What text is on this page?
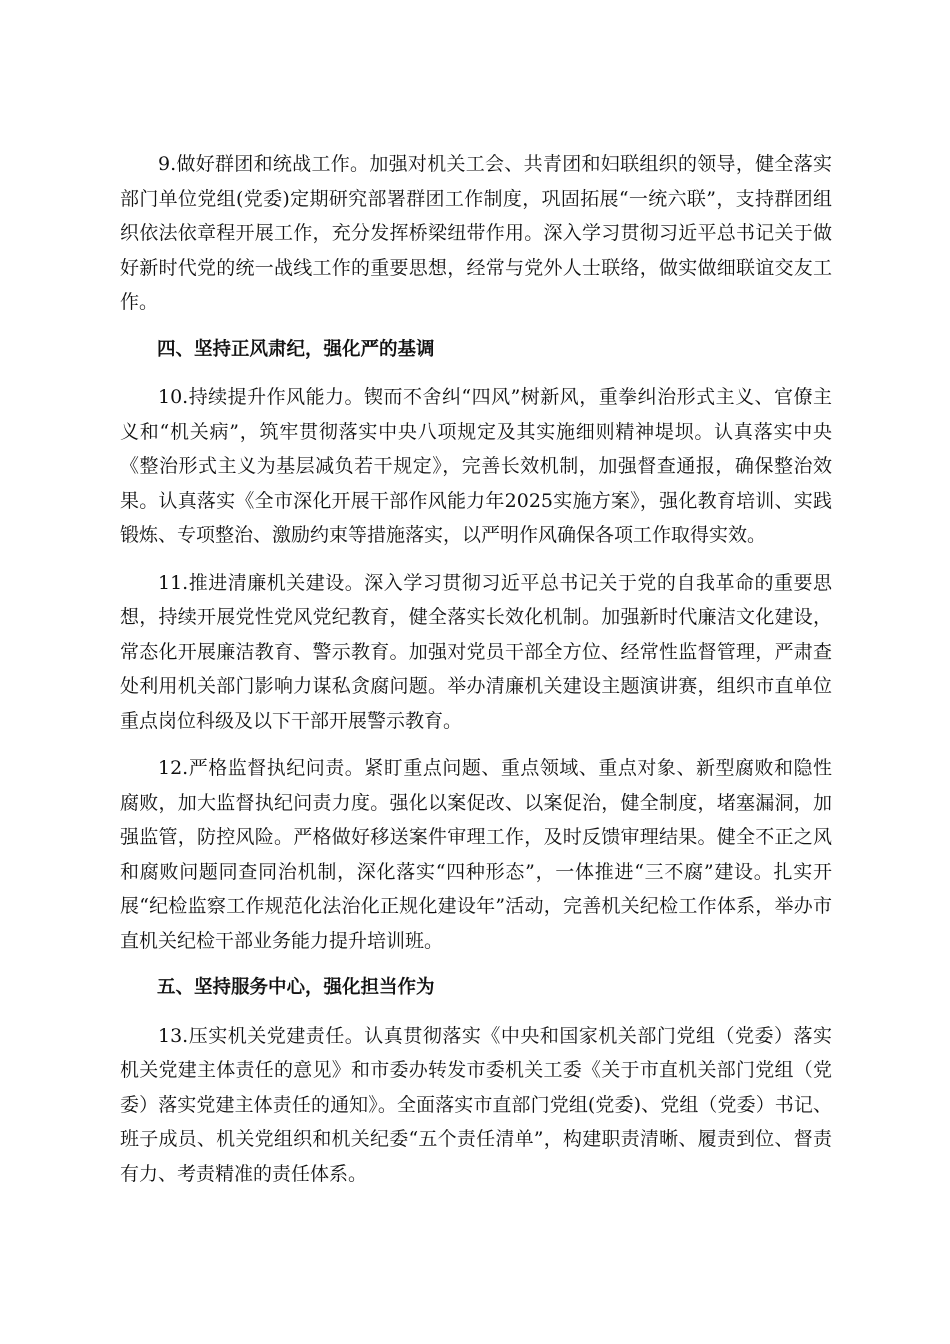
9.做好群团和统战工作。加强对机关工会、共青团和妇联组织的领导，健全落实部门单位党组(党委)定期研究部署群团工作制度，巩固拓展“一统六联”，支持群团组织依法依章程开展工作，充分发挥桥梁纽带作用。深入学习贯彻习近平总书记关于做好新时代党的统一战线工作的重要思想，经常与党外人士联络，做实做细联谊交友工作。

四、坚持正风肃纪，强化严的基调

10.持续提升作风能力。锲而不舍纠“四风”树新风，重拳纠治形式主义、官僚主义和“机关病”，筑牢贯彻落实中央八项规定及其实施细则精神堤坝。认真落实中央《整治形式主义为基层减负若干规定》，完善长效机制，加强督查通报，确保整治效果。认真落实《全市深化开展干部作风能力年2025实施方案》，强化教育培训、实践锻炼、专项整治、激励约束等措施落实，以严明作风确保各项工作取得实效。

11.推进清廉机关建设。深入学习贯彻习近平总书记关于党的自我革命的重要思想，持续开展党性党风党纪教育，健全落实长效化机制。加强新时代廉洁文化建设，常态化开展廉洁教育、警示教育。加强对党员干部全方位、经常性监督管理，严肃查处利用机关部门影响力谋私贪腐问题。举办清廉机关建设主题演讲赛，组织市直单位重点岗位科级及以下干部开展警示教育。

12.严格监督执纪问责。紧盯重点问题、重点领域、重点对象、新型腐败和隐性腐败，加大监督执纪问责力度。强化以案促改、以案促治，健全制度，堵塞漏洞，加强监管，防控风险。严格做好移送案件审理工作，及时反馈审理结果。健全不正之风和腐败问题同查同治机制，深化落实“四种形态”，一体推进“三不腐”建设。扎实开展“纪检监察工作规范化法治化正规化建设年”活动，完善机关纪检工作体系，举办市直机关纪检干部业务能力提升培训班。

五、坚持服务中心，强化担当作为

13.压实机关党建责任。认真贯彻落实《中央和国家机关部门党组（党委）落实机关党建主体责任的意见》和市委办转发市委机关工委《关于市直机关部门党组（党委）落实党建主体责任的通知》。全面落实市直部门党组(党委)、党组（党委）书记、班子成员、机关党组织和机关纪委“五个责任清单”，构建职责清晰、履责到位、督责有力、考责精准的责任体系。
